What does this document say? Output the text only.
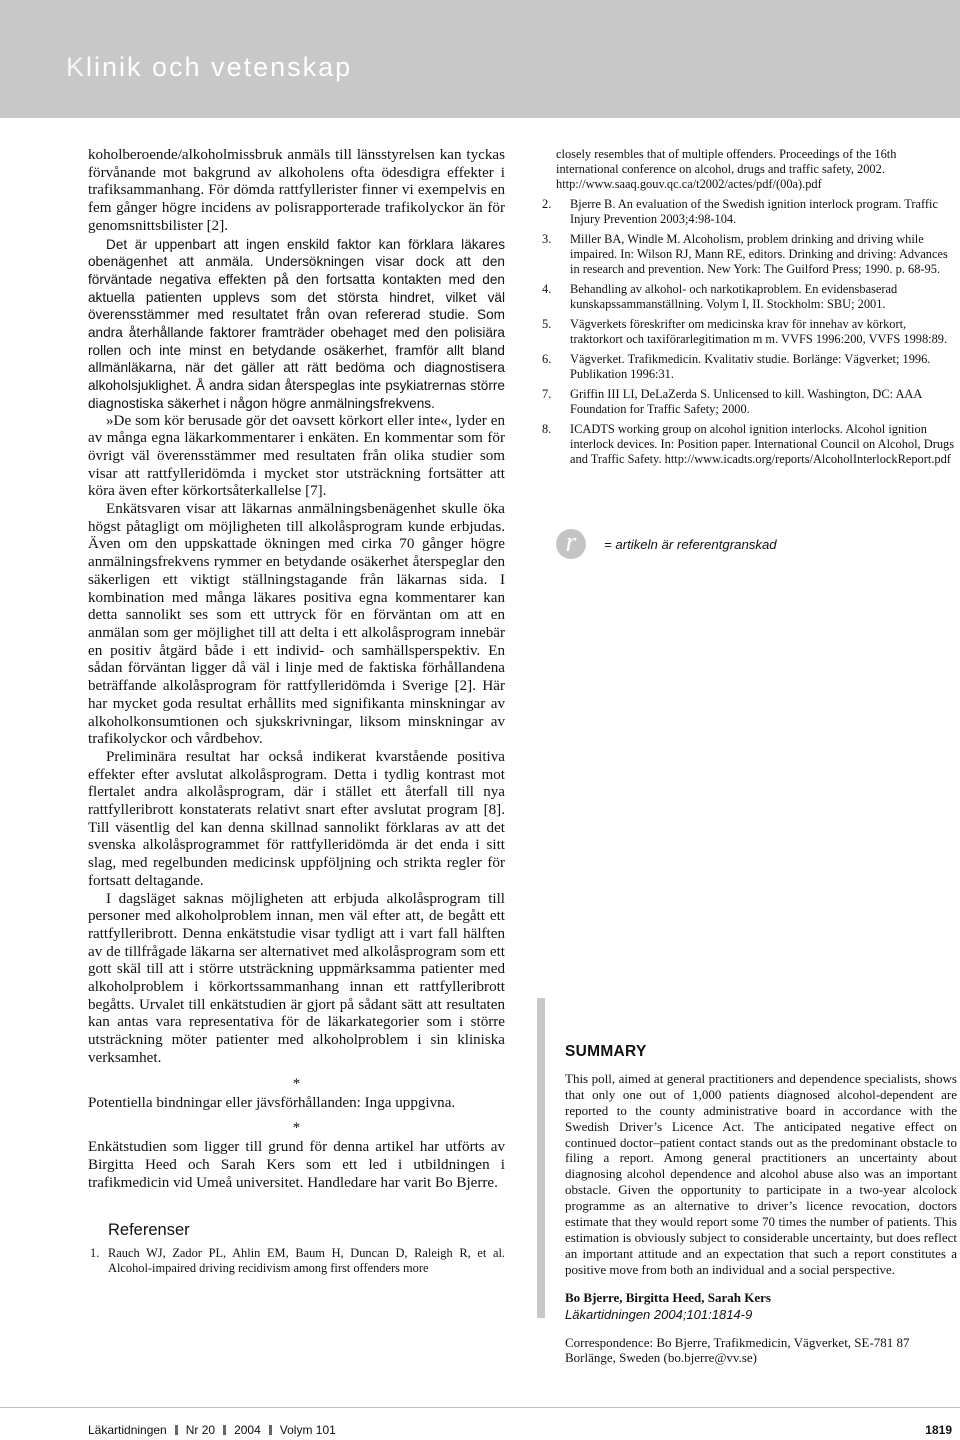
Klinik och vetenskap

koholberoende/alkoholmissbruk anmäls till länsstyrelsen kan tyckas förvånande mot bakgrund av alkoholens ofta ödesdigra effekter i trafiksammanhang. För dömda rattfyllerister finner vi exempelvis en fem gånger högre incidens av polisrapporterade trafikolyckor än för genomsnittsbilister [2].

Det är uppenbart att ingen enskild faktor kan förklara läkares obenägenhet att anmäla. Undersökningen visar dock att den förväntade negativa effekten på den fortsatta kontakten med den aktuella patienten upplevs som det största hindret, vilket väl överensstämmer med resultatet från ovan refererad studie. Som andra återhållande faktorer framträder obehaget med den polisiära rollen och inte minst en betydande osäkerhet, framför allt bland allmänläkarna, när det gäller att rätt bedöma och diagnostisera alkoholsjuklighet. Å andra sidan återspeglas inte psykiatrernas större diagnostiska säkerhet i någon högre anmälningsfrekvens.

»De som kör berusade gör det oavsett körkort eller inte«, lyder en av många egna läkarkommentarer i enkäten. En kommentar som för övrigt väl överensstämmer med resultaten från olika studier som visar att rattfylleridömda i mycket stor utsträckning fortsätter att köra även efter körkortsåterkallelse [7].

Enkätsvaren visar att läkarnas anmälningsbenägenhet skulle öka högst påtagligt om möjligheten till alkolåsprogram kunde erbjudas. Även om den uppskattade ökningen med cirka 70 gånger högre anmälningsfrekvens rymmer en betydande osäkerhet återspeglar den säkerligen ett viktigt ställningstagande från läkarnas sida. I kombination med många läkares positiva egna kommentarer kan detta sannolikt ses som ett uttryck för en förväntan om att en anmälan som ger möjlighet till att delta i ett alkolåsprogram innebär en positiv åtgärd både i ett individ- och samhällsperspektiv. En sådan förväntan ligger då väl i linje med de faktiska förhållandena beträffande alkolåsprogram för rattfylleridömda i Sverige [2]. Här har mycket goda resultat erhållits med signifikanta minskningar av alkoholkonsumtionen och sjukskrivningar, liksom minskningar av trafikolyckor och vårdbehov.

Preliminära resultat har också indikerat kvarstående positiva effekter efter avslutat alkolåsprogram. Detta i tydlig kontrast mot flertalet andra alkolåsprogram, där i stället ett återfall till nya rattfylleribrott konstaterats relativt snart efter avslutat program [8]. Till väsentlig del kan denna skillnad sannolikt förklaras av att det svenska alkolåsprogrammet för rattfylleridömda är det enda i sitt slag, med regelbunden medicinsk uppföljning och strikta regler för fortsatt deltagande.

I dagsläget saknas möjligheten att erbjuda alkolåsprogram till personer med alkoholproblem innan, men väl efter att, de begått ett rattfylleribrott. Denna enkätstudie visar tydligt att i vart fall hälften av de tillfrågade läkarna ser alternativet med alkolåsprogram som ett gott skäl till att i större utsträckning uppmärksamma patienter med alkoholproblem i körkortssammanhang innan ett rattfylleribrott begåtts. Urvalet till enkätstudien är gjort på sådant sätt att resultaten kan antas vara representativa för de läkarkategorier som i större utsträckning möter patienter med alkoholproblem i sin kliniska verksamhet.

*

Potentiella bindningar eller jävsförhållanden: Inga uppgivna.

*

Enkätstudien som ligger till grund för denna artikel har utförts av Birgitta Heed och Sarah Kers som ett led i utbildningen i trafikmedicin vid Umeå universitet. Handledare har varit Bo Bjerre.

Referenser
1. Rauch WJ, Zador PL, Ahlin EM, Baum H, Duncan D, Raleigh R, et al. Alcohol-impaired driving recidivism among first offenders more
closely resembles that of multiple offenders. Proceedings of the 16th international conference on alcohol, drugs and traffic safety, 2002. http://www.saaq.gouv.qc.ca/t2002/actes/pdf/(00a).pdf
2. Bjerre B. An evaluation of the Swedish ignition interlock program. Traffic Injury Prevention 2003;4:98-104.
3. Miller BA, Windle M. Alcoholism, problem drinking and driving while impaired. In: Wilson RJ, Mann RE, editors. Drinking and driving: Advances in research and prevention. New York: The Guilford Press; 1990. p. 68-95.
4. Behandling av alkohol- och narkotikaproblem. En evidensbaserad kunskapssammanställning. Volym I, II. Stockholm: SBU; 2001.
5. Vägverkets föreskrifter om medicinska krav för innehav av körkort, traktorkort och taxiförarlegitimation m m. VVFS 1996:200, VVFS 1998:89.
6. Vägverket. Trafikmedicin. Kvalitativ studie. Borlänge: Vägverket; 1996. Publikation 1996:31.
7. Griffin III LI, DeLaZerda S. Unlicensed to kill. Washington, DC: AAA Foundation for Traffic Safety; 2000.
8. ICADTS working group on alcohol ignition interlocks. Alcohol ignition interlock devices. In: Position paper. International Council on Alcohol, Drugs and Traffic Safety. http://www.icadts.org/reports/AlcoholInterlockReport.pdf
r	= artikeln är referentgranskad
SUMMARY

This poll, aimed at general practitioners and dependence specialists, shows that only one out of 1,000 patients diagnosed alcohol-dependent are reported to the county administrative board in accordance with the Swedish Driver’s Licence Act. The anticipated negative effect on continued doctor–patient contact stands out as the predominant obstacle to filing a report. Among general practitioners an uncertainty about diagnosing alcohol dependence and alcohol abuse also was an important obstacle. Given the opportunity to participate in a two-year alcolock programme as an alternative to driver’s licence revocation, doctors estimate that they would report some 70 times the number of patients. This estimation is obviously subject to considerable uncertainty, but does reflect an important attitude and an expectation that such a report constitutes a positive move from both an individual and a social perspective.

Bo Bjerre, Birgitta Heed, Sarah Kers

Läkartidningen 2004;101:1814-9

Correspondence: Bo Bjerre, Trafikmedicin, Vägverket, SE-781 87 Borlänge, Sweden (bo.bjerre@vv.se)

Läkartidningen Nr 20 2004 Volym 101	1819
